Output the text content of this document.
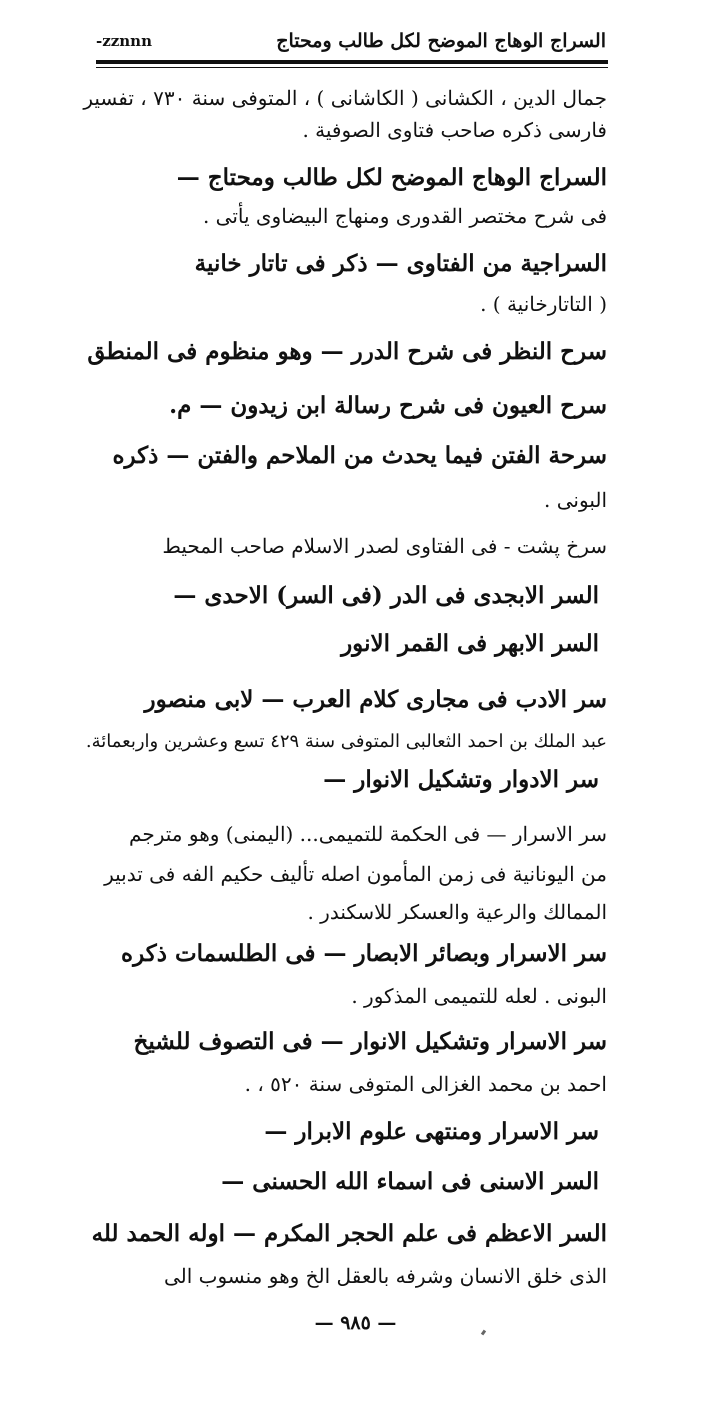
السراج الوهاج الموضح لكل طالب ومحتاج
-zznnn
جمال الدين ، الكشانى ( الكاشانى ) ، المتوفى سنة ٧٣٠ ، تفسير
فارسى ذكره صاحب فتاوى الصوفية .
السراج الوهاج الموضح لكل طالب ومحتاج —
فى شرح مختصر القدورى ومنهاج البيضاوى يأتى .
السراجية من الفتاوى — ذكر فى تاتار خانية
( التاتارخانية ) .
سرح النظر فى شرح الدرر — وهو منظوم فى المنطق
سرح العيون فى شرح رسالة ابن زيدون — م.
سرحة الفتن فيما يحدث من الملاحم والفتن — ذكره
البونى .
سرخ پشت - فى الفتاوى لصدر الاسلام صاحب المحيط
السر الابجدى فى الدر (فى السر) الاحدى —
السر الابهر فى القمر الانور
سر الادب فى مجارى كلام العرب — لابى منصور
عبد الملك بن احمد الثعالبى المتوفى سنة ٤٢٩ تسع وعشرين واربعمائة.
سر الادوار وتشكيل الانوار —
سر الاسرار — فى الحكمة للتميمى... (اليمنى) وهو مترجم
من اليونانية فى زمن المأمون اصله تأليف حكيم الفه فى تدبير
الممالك والرعية والعسكر للاسكندر .
سر الاسرار وبصائر الابصار — فى الطلسمات ذكره
البونى . لعله للتميمى المذكور .
سر الاسرار وتشكيل الانوار — فى التصوف للشيخ
احمد بن محمد الغزالى المتوفى سنة ٥٢٠ ، .
سر الاسرار ومنتهى علوم الابرار —
السر الاسنى فى اسماء الله الحسنى —
السر الاعظم فى علم الحجر المكرم — اوله الحمد لله
الذى خلق الانسان وشرفه بالعقل الخ وهو منسوب الى
— ٩٨٥ —
